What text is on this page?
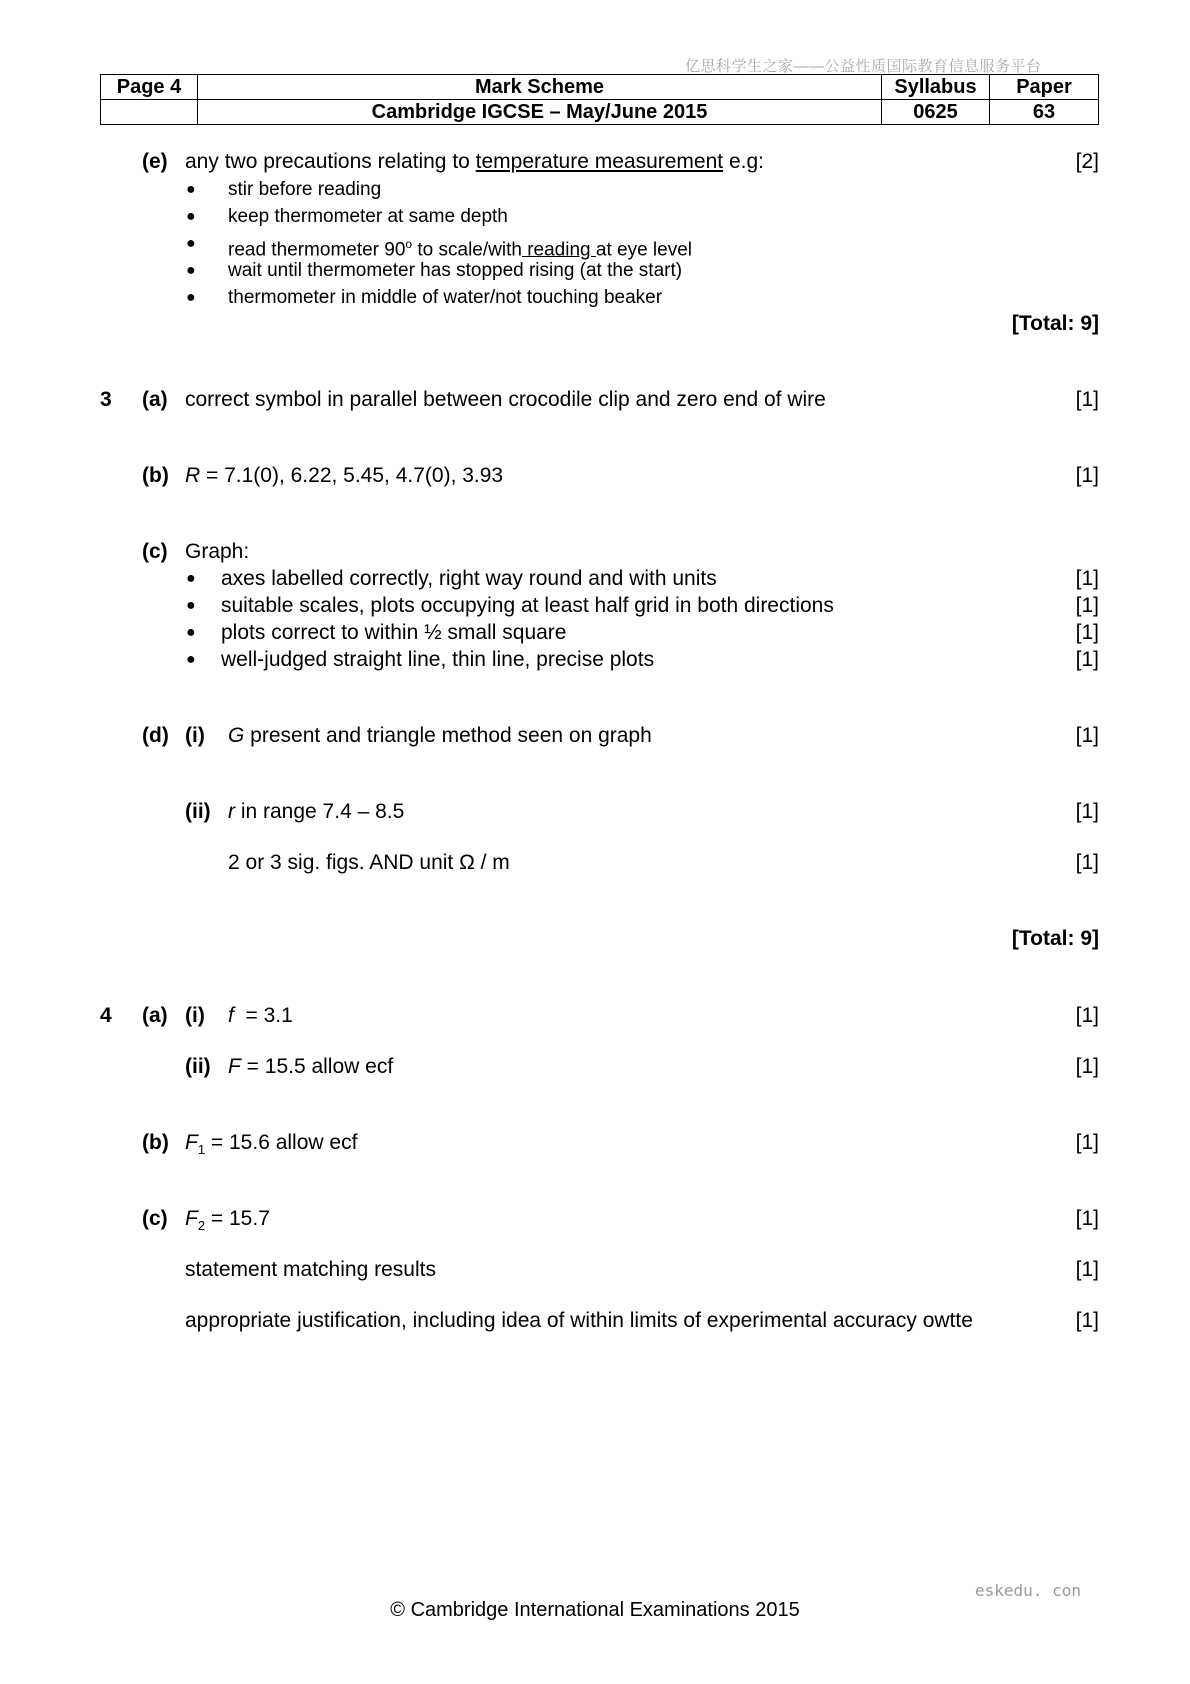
亿思科学生之家——公益性质国际教育信息服务平台
Page 4	Mark Scheme	Syllabus	Paper
	Cambridge IGCSE – May/June 2015	0625	63
(e) any two precautions relating to temperature measurement e.g:	[2]
● stir before reading
● keep thermometer at same depth
● read thermometer 90$^o$ to scale/with reading at eye level
● wait until thermometer has stopped rising (at the start)
● thermometer in middle of water/not touching beaker
[Total: 9]
3 (a) correct symbol in parallel between crocodile clip and zero end of wire	[1]
(b) R = 7.1(0), 6.22, 5.45, 4.7(0), 3.93	[1]
(c) Graph:
● axes labelled correctly, right way round and with units	[1]
● suitable scales, plots occupying at least half grid in both directions	[1]
● plots correct to within ½ small square	[1]
● well-judged straight line, thin line, precise plots	[1]
(d) (i) G present and triangle method seen on graph	[1]
(ii) r in range 7.4 – 8.5	[1]
2 or 3 sig. figs. AND unit Ω / m	[1]
[Total: 9]
4 (a) (i) f  = 3.1	[1]
(ii) F = 15.5 allow ecf	[1]
(b) $F_1 = 15.6$ allow ecf	[1]
(c) $F_2 = 15.7$	[1]
statement matching results	[1]
appropriate justification, including idea of within limits of experimental accuracy owtte	[1]
eskedu. con
© Cambridge International Examinations 2015
